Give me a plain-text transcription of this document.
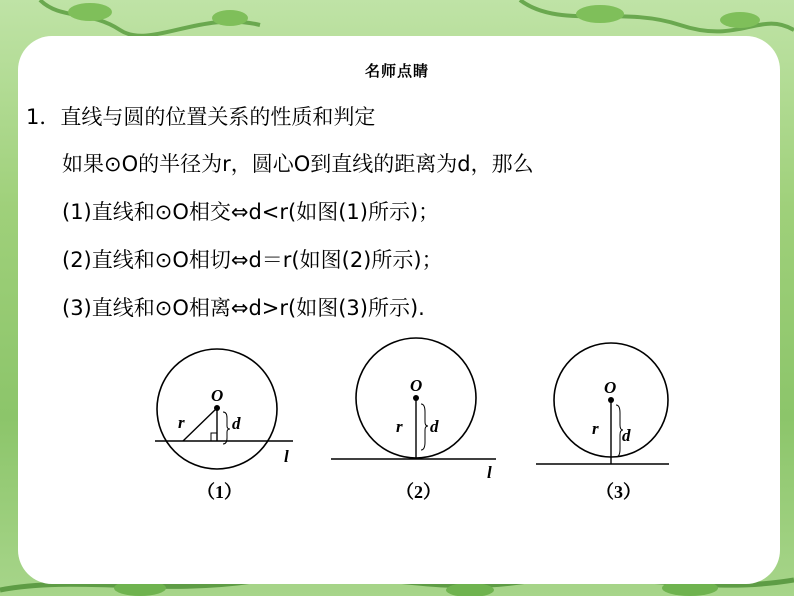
名师点睛
1．直线与圆的位置关系的性质和判定
如果⊙O的半径为r，圆心O到直线的距离为d，那么
(1)直线和⊙O相交⇔d<r(如图(1)所示)；
(2)直线和⊙O相切⇔d＝r(如图(2)所示)；
(3)直线和⊙O相离⇔d>r(如图(3)所示).
O
r	d
l
（1）
O
r d
l
（2）
O
r d
（3）
